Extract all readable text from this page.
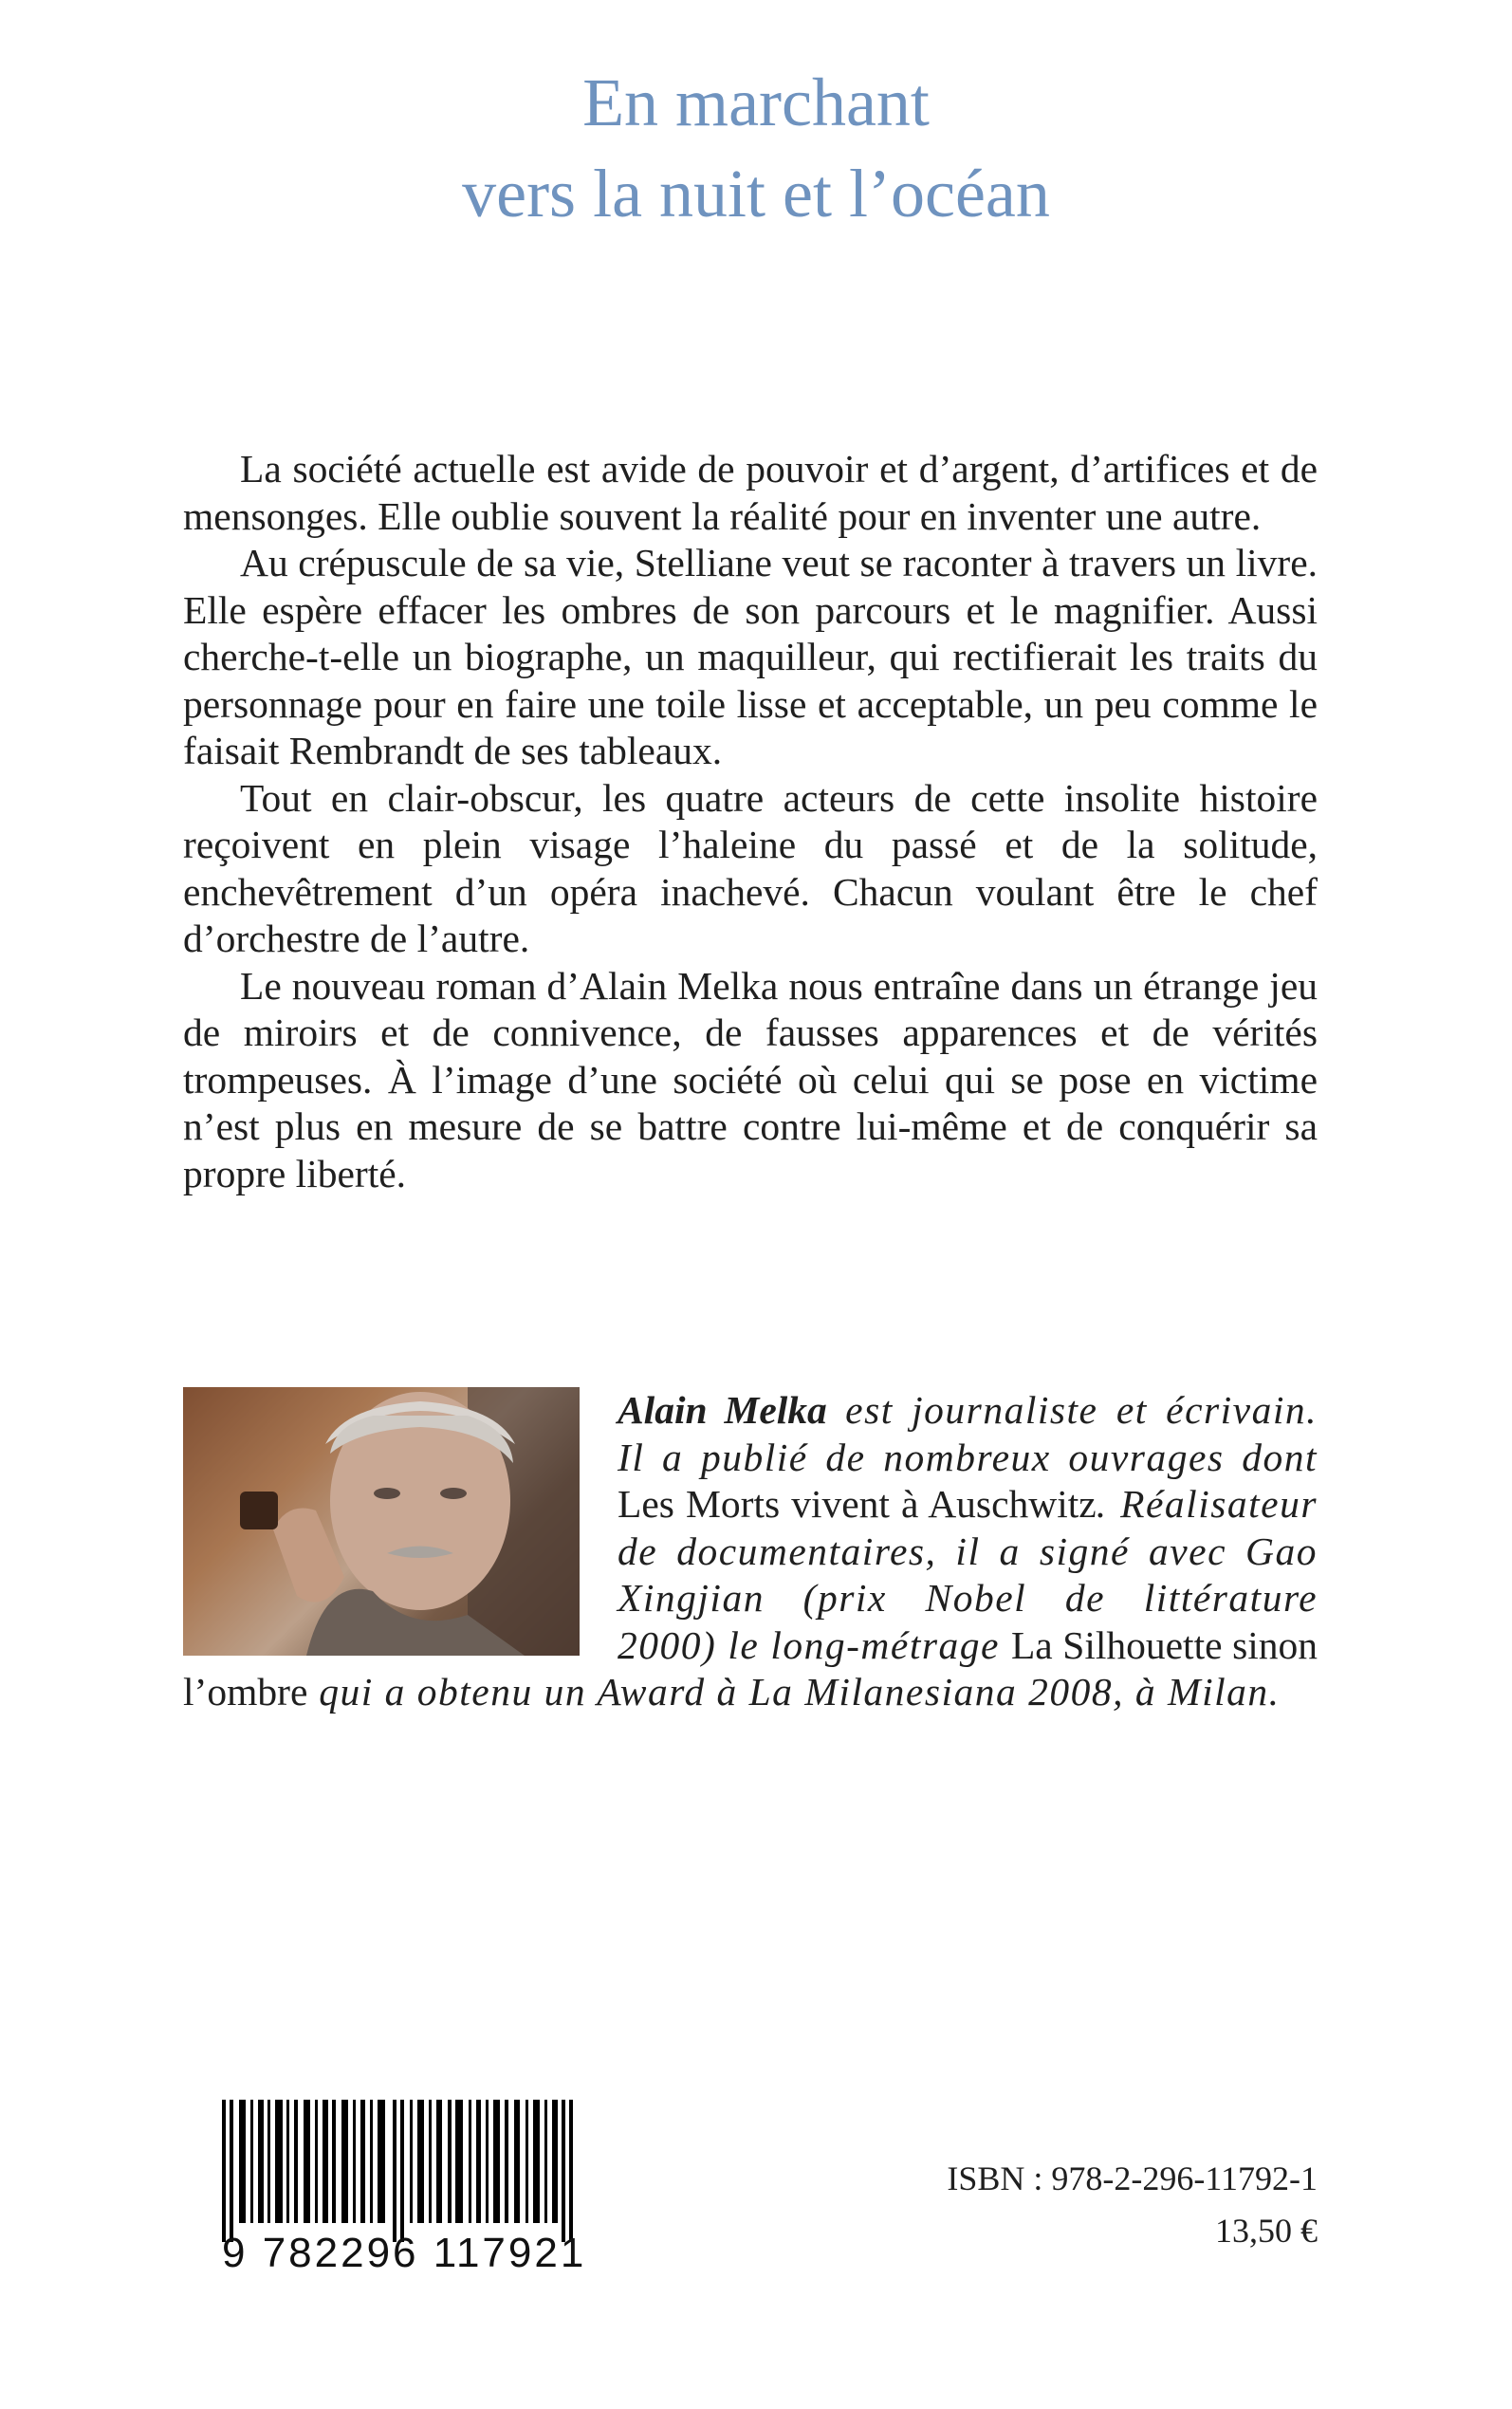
En marchant
vers la nuit et l’océan

La société actuelle est avide de pouvoir et d’argent, d’artifices et de mensonges. Elle oublie souvent la réalité pour en inventer une autre.

Au crépuscule de sa vie, Stelliane veut se raconter à travers un livre. Elle espère effacer les ombres de son parcours et le magnifier. Aussi cherche-t-elle un biographe, un maquilleur, qui rectifierait les traits du personnage pour en faire une toile lisse et acceptable, un peu comme le faisait Rembrandt de ses tableaux.

Tout en clair-obscur, les quatre acteurs de cette insolite histoire reçoivent en plein visage l’haleine du passé et de la solitude, enchevêtrement d’un opéra inachevé. Chacun voulant être le chef d’orchestre de l’autre.

Le nouveau roman d’Alain Melka nous entraîne dans un étrange jeu de miroirs et de connivence, de fausses apparences et de vérités trompeuses. À l’image d’une société où celui qui se pose en victime n’est plus en mesure de se battre contre lui-même et de conquérir sa propre liberté.

Alain Melka est journaliste et écrivain. Il a publié de nombreux ouvrages dont Les Morts vivent à Auschwitz. Réalisateur de documentaires, il a signé avec Gao Xingjian (prix Nobel de littérature 2000) le long-métrage La Silhouette sinon l’ombre qui a obtenu un Award à La Milanesiana 2008, à Milan.

9 782296 117921
ISBN : 978-2-296-11792-1
13,50 €
